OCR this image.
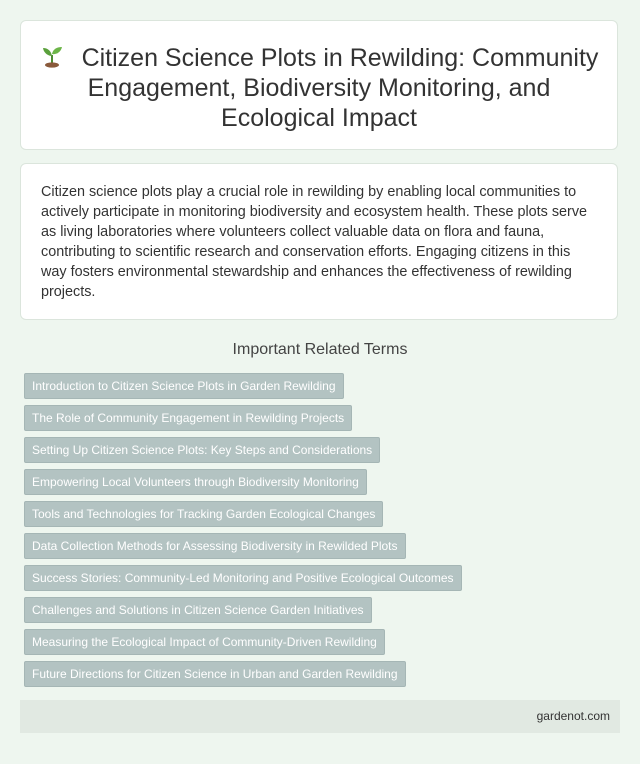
Citizen Science Plots in Rewilding: Community Engagement, Biodiversity Monitoring, and Ecological Impact

Citizen science plots play a crucial role in rewilding by enabling local communities to actively participate in monitoring biodiversity and ecosystem health. These plots serve as living laboratories where volunteers collect valuable data on flora and fauna, contributing to scientific research and conservation efforts. Engaging citizens in this way fosters environmental stewardship and enhances the effectiveness of rewilding projects.

Important Related Terms
Introduction to Citizen Science Plots in Garden Rewilding
The Role of Community Engagement in Rewilding Projects
Setting Up Citizen Science Plots: Key Steps and Considerations
Empowering Local Volunteers through Biodiversity Monitoring
Tools and Technologies for Tracking Garden Ecological Changes
Data Collection Methods for Assessing Biodiversity in Rewilded Plots
Success Stories: Community-Led Monitoring and Positive Ecological Outcomes
Challenges and Solutions in Citizen Science Garden Initiatives
Measuring the Ecological Impact of Community-Driven Rewilding
Future Directions for Citizen Science in Urban and Garden Rewilding
gardenot.com
